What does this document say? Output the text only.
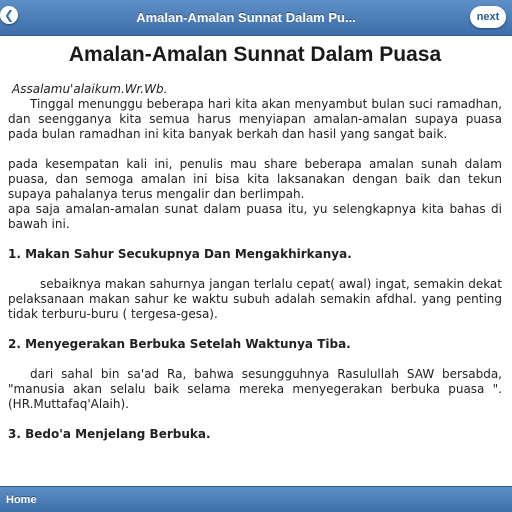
❮	Amalan-Amalan Sunnat Dalam Pu...	next
Amalan-Amalan Sunnat Dalam Puasa
Assalamu'alaikum.Wr.Wb.

Tinggal menunggu beberapa hari kita akan menyambut bulan suci ramadhan, dan seengganya kita semua harus menyiapan amalan-amalan supaya puasa pada bulan ramadhan ini kita banyak berkah dan hasil yang sangat baik.

pada kesempatan kali ini, penulis mau share beberapa amalan sunah dalam puasa, dan semoga amalan ini bisa kita laksanakan dengan baik dan tekun supaya pahalanya terus mengalir dan berlimpah.

apa saja amalan-amalan sunat dalam puasa itu, yu selengkapnya kita bahas di bawah ini.

1. Makan Sahur Secukupnya Dan Mengakhirkanya.

sebaiknya makan sahurnya jangan terlalu cepat( awal) ingat, semakin dekat pelaksanaan makan sahur ke waktu subuh adalah semakin afdhal. yang penting tidak terburu-buru ( tergesa-gesa).

2. Menyegerakan Berbuka Setelah Waktunya Tiba.

dari sahal bin sa'ad Ra, bahwa sesungguhnya Rasulullah SAW bersabda, "manusia akan selalu baik selama mereka menyegerakan berbuka puasa ".(HR.Muttafaq'Alaih).

3. Bedo'a Menjelang Berbuka.
Home
